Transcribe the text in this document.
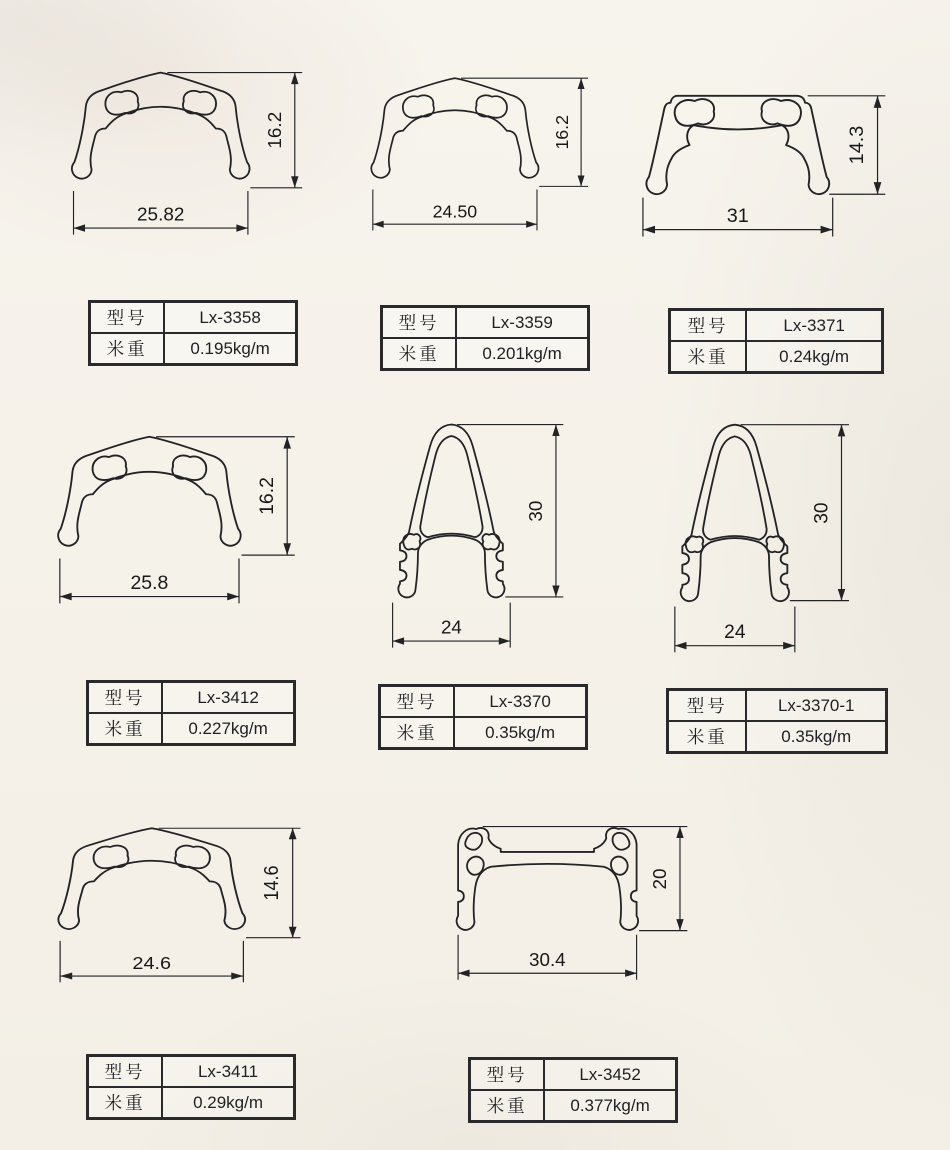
25.82
16.2
24.50
16.2
31
14.3
25.8
16.2
24
30
24
30
24.6
14.6
30.4
20
型号	Lx-3358
米重	0.195kg/m
型号	Lx-3359
米重	0.201kg/m
型号	Lx-3371
米重	0.24kg/m
型号	Lx-3412
米重	0.227kg/m
型号	Lx-3370
米重	0.35kg/m
型号	Lx-3370-1
米重	0.35kg/m
型号	Lx-3411
米重	0.29kg/m
型号	Lx-3452
米重	0.377kg/m
